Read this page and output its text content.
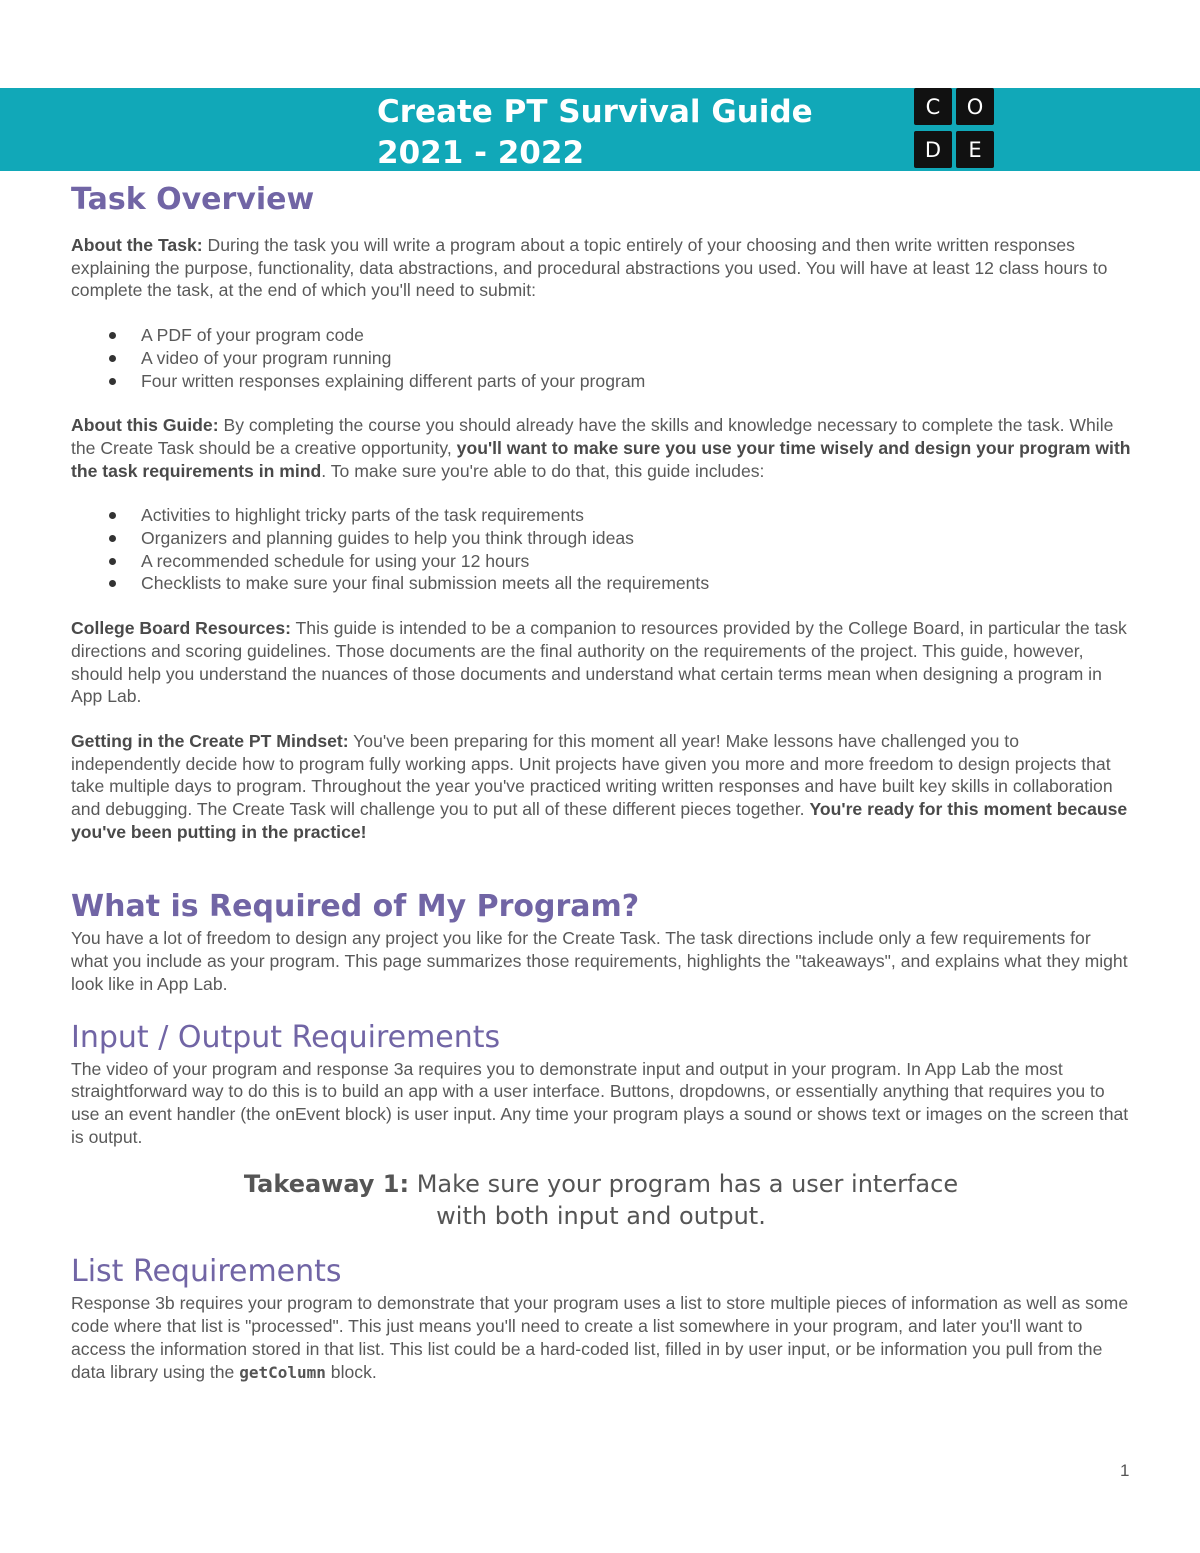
Create PT Survival Guide
2021 - 2022
C	O
D	E
Task Overview

About the Task: During the task you will write a program about a topic entirely of your choosing and then write written responses explaining the purpose, functionality, data abstractions, and procedural abstractions you used. You will have at least 12 class hours to complete the task, at the end of which you'll need to submit:

A PDF of your program code
A video of your program running
Four written responses explaining different parts of your program

About this Guide: By completing the course you should already have the skills and knowledge necessary to complete the task. While the Create Task should be a creative opportunity, you'll want to make sure you use your time wisely and design your program with the task requirements in mind. To make sure you're able to do that, this guide includes:

Activities to highlight tricky parts of the task requirements
Organizers and planning guides to help you think through ideas
A recommended schedule for using your 12 hours
Checklists to make sure your final submission meets all the requirements

College Board Resources: This guide is intended to be a companion to resources provided by the College Board, in particular the task directions and scoring guidelines. Those documents are the final authority on the requirements of the project. This guide, however, should help you understand the nuances of those documents and understand what certain terms mean when designing a program in App Lab.

Getting in the Create PT Mindset: You've been preparing for this moment all year! Make lessons have challenged you to independently decide how to program fully working apps. Unit projects have given you more and more freedom to design projects that take multiple days to program. Throughout the year you've practiced writing written responses and have built key skills in collaboration and debugging. The Create Task will challenge you to put all of these different pieces together. You're ready for this moment because you've been putting in the practice!

What is Required of My Program?

You have a lot of freedom to design any project you like for the Create Task. The task directions include only a few requirements for what you include as your program. This page summarizes those requirements, highlights the "takeaways", and explains what they might look like in App Lab.

Input / Output Requirements

The video of your program and response 3a requires you to demonstrate input and output in your program. In App Lab the most straightforward way to do this is to build an app with a user interface. Buttons, dropdowns, or essentially anything that requires you to use an event handler (the onEvent block) is user input. Any time your program plays a sound or shows text or images on the screen that is output.

Takeaway 1: Make sure your program has a user interface
with both input and output.
List Requirements

Response 3b requires your program to demonstrate that your program uses a list to store multiple pieces of information as well as some code where that list is "processed". This just means you'll need to create a list somewhere in your program, and later you'll want to access the information stored in that list. This list could be a hard-coded list, filled in by user input, or be information you pull from the data library using the getColumn block.

1
